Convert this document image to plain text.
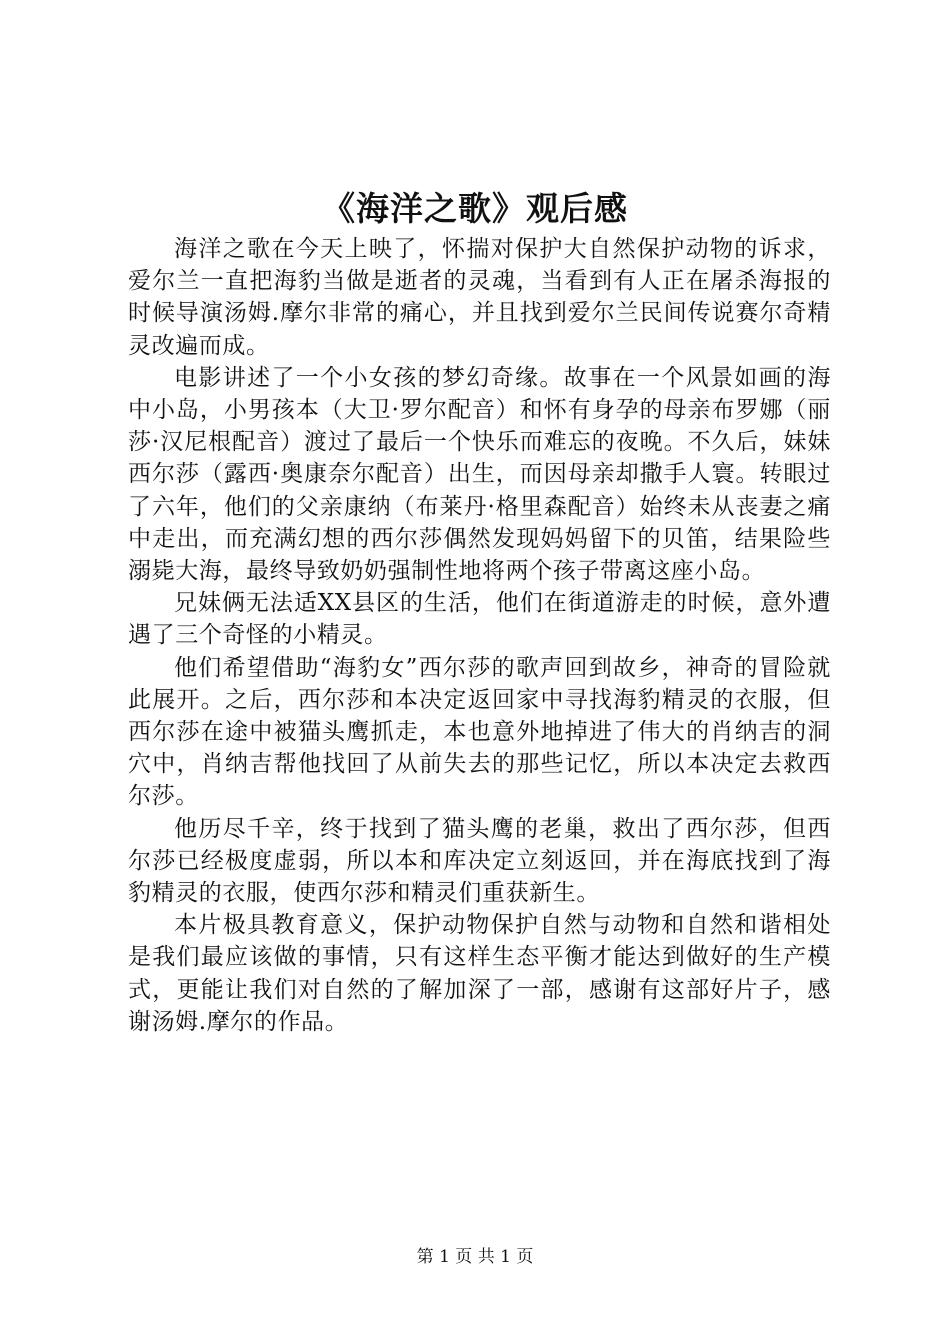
《海洋之歌》观后感

海洋之歌在今天上映了，怀揣对保护大自然保护动物的诉求，爱尔兰一直把海豹当做是逝者的灵魂，当看到有人正在屠杀海报的时候导演汤姆.摩尔非常的痛心，并且找到爱尔兰民间传说赛尔奇精灵改遍而成。

电影讲述了一个小女孩的梦幻奇缘。故事在一个风景如画的海中小岛，小男孩本（大卫·罗尔配音）和怀有身孕的母亲布罗娜（丽莎·汉尼根配音）渡过了最后一个快乐而难忘的夜晚。不久后，妹妹西尔莎（露西·奥康奈尔配音）出生，而因母亲却撒手人寰。转眼过了六年，他们的父亲康纳（布莱丹·格里森配音）始终未从丧妻之痛中走出，而充满幻想的西尔莎偶然发现妈妈留下的贝笛，结果险些溺毙大海，最终导致奶奶强制性地将两个孩子带离这座小岛。

兄妹俩无法适XX县区的生活，他们在街道游走的时候，意外遭遇了三个奇怪的小精灵。

他们希望借助“海豹女”西尔莎的歌声回到故乡，神奇的冒险就此展开。之后，西尔莎和本决定返回家中寻找海豹精灵的衣服，但西尔莎在途中被猫头鹰抓走，本也意外地掉进了伟大的肖纳吉的洞穴中，肖纳吉帮他找回了从前失去的那些记忆，所以本决定去救西尔莎。

他历尽千辛，终于找到了猫头鹰的老巢，救出了西尔莎，但西尔莎已经极度虚弱，所以本和库决定立刻返回，并在海底找到了海豹精灵的衣服，使西尔莎和精灵们重获新生。

本片极具教育意义，保护动物保护自然与动物和自然和谐相处是我们最应该做的事情，只有这样生态平衡才能达到做好的生产模式，更能让我们对自然的了解加深了一部，感谢有这部好片子，感谢汤姆.摩尔的作品。

第 1 页 共 1 页
